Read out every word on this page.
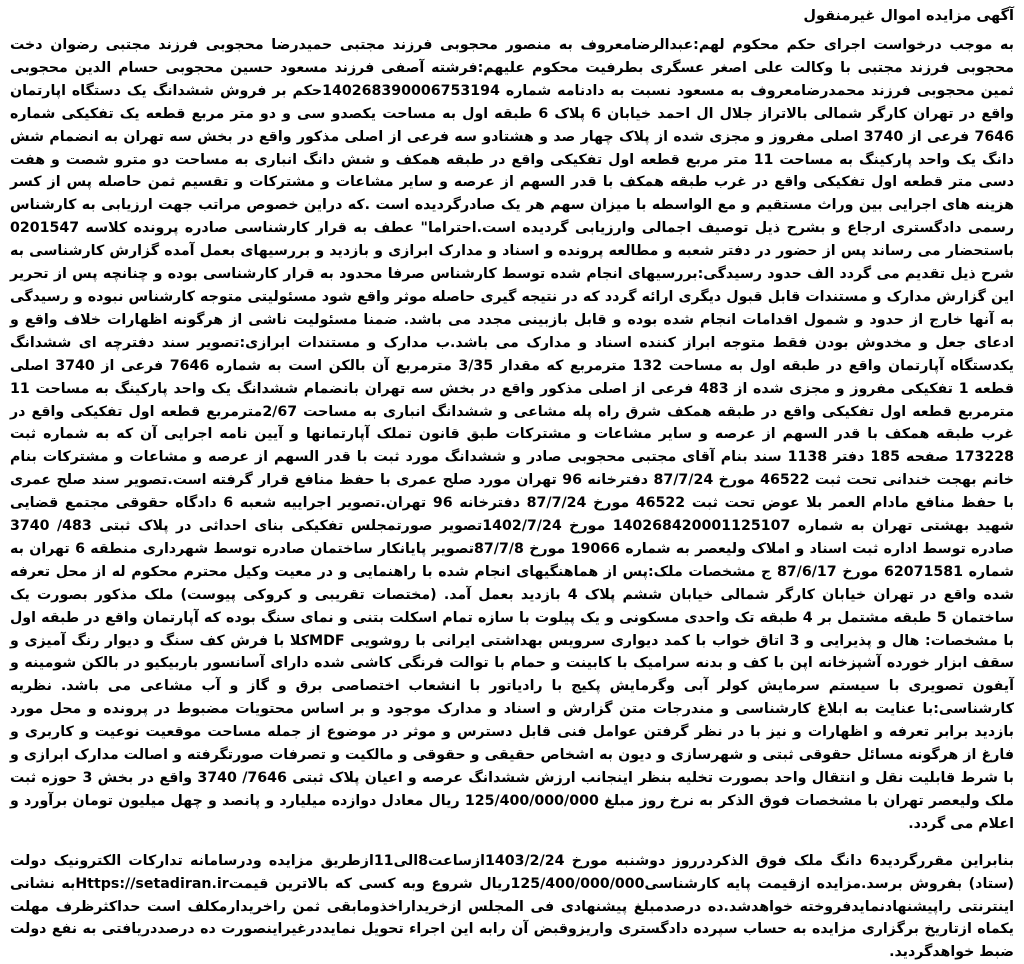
آگهی مزایده اموال غیرمنقول

به موجب درخواست اجرای حکم محکوم لهم:عبدالرضامعروف به منصور محجوبی فرزند مجتبی حمیدرضا محجوبی فرزند مجتبی رضوان دخت محجوبی فرزند مجتبی با وکالت علی اصغر عسگری بطرفیت محکوم علیهم:فرشته آصفی فرزند مسعود حسین محجوبی حسام الدین محجوبی ثمین محجوبی فرزند محمدرضامعروف به مسعود نسبت به دادنامه شماره 140268390006753194حکم بر فروش ششدانگ یک دستگاه اپارتمان واقع در تهران کارگر شمالی بالاتراز جلال ال احمد خیابان 6 پلاک 6 طبقه اول به مساحت یکصدو سی و دو متر مربع قطعه یک تفکیکی شماره 7646 فرعی از 3740 اصلی مفروز و مجزی شده از پلاک چهار صد و هشتادو سه فرعی از اصلی مذکور واقع در بخش سه تهران به انضمام شش دانگ یک واحد پارکینگ به مساحت 11 متر مربع قطعه اول تفکیکی واقع در طبقه همکف و شش دانگ انباری به مساحت دو مترو شصت و هفت دسی متر قطعه اول تفکیکی واقع در غرب طبقه همکف با قدر السهم از عرصه و سایر مشاعات و مشترکات و تقسیم ثمن حاصله پس از کسر هزینه های اجرایی بین وراث مستقیم و مع الواسطه با میزان سهم هر یک صادرگردیده است .که دراین خصوص مراتب جهت ارزیابی به کارشناس رسمی دادگستری ارجاع و بشرح ذیل توصیف اجمالی وارزیابی گردیده است.احتراما" عطف به قرار کارشناسی صادره پرونده کلاسه 0201547 باستحضار می رساند پس از حضور در دفتر شعبه و مطالعه پرونده و اسناد و مدارک ابرازی و بازدید و بررسیهای بعمل آمده گزارش کارشناسی به شرح ذیل تقدیم می گردد الف حدود رسیدگی:بررسیهای انجام شده توسط کارشناس صرفا محدود به قرار کارشناسی بوده و چنانچه پس از تحریر این گزارش مدارک و مستندات قابل قبول دیگری ارائه گردد که در نتیجه گیری حاصله موثر واقع شود مسئولیتی متوجه کارشناس نبوده و رسیدگی به آنها خارج از حدود و شمول اقدامات انجام شده بوده و قابل بازبینی مجدد می باشد. ضمنا مسئولیت ناشی از هرگونه اظهارات خلاف واقع و ادعای جعل و مخدوش بودن فقط متوجه ابراز کننده اسناد و مدارک می باشد.ب مدارک و مستندات ابرازی:تصویر سند دفترچه ای ششدانگ یکدستگاه آپارتمان واقع در طبقه اول به مساحت 132 مترمربع که مقدار 3/35 مترمربع آن بالکن است به شماره 7646 فرعی از 3740 اصلی قطعه 1 تفکیکی مفروز و مجزی شده از 483 فرعی از اصلی مذکور واقع در بخش سه تهران بانضمام ششدانگ یک واحد پارکینگ به مساحت 11 مترمربع قطعه اول تفکیکی واقع در طبقه همکف شرق راه پله مشاعی و ششدانگ انباری به مساحت 2/67مترمربع قطعه اول تفکیکی واقع در غرب طبقه همکف با قدر السهم از عرصه و سایر مشاعات و مشترکات طبق قانون تملک آپارتمانها و آیین نامه اجرایی آن که به شماره ثبت 173228 صفحه 185 دفتر 1138 سند بنام آقای مجتبی محجوبی صادر و ششدانگ مورد ثبت با قدر السهم از عرصه و مشاعات و مشترکات بنام خانم بهجت خندانی تحت ثبت 46522 مورخ 87/7/24 دفترخانه 96 تهران مورد صلح عمری با حفظ منافع قرار گرفته است.تصویر سند صلح عمری با حفظ منافع مادام العمر بلا عوض تحت ثبت 46522 مورخ 87/7/24 دفترخانه 96 تهران.تصویر اجراییه شعبه 6 دادگاه حقوقی مجتمع قضایی شهید بهشتی تهران به شماره 140268420001125107 مورخ 1402/7/24تصویر صورتمجلس تفکیکی بنای احداثی در پلاک ثبتی 483/ 3740 صادره توسط اداره ثبت اسناد و املاک ولیعصر به شماره 19066 مورخ 87/7/8تصویر پایانکار ساختمان صادره توسط شهرداری منطقه 6 تهران به شماره 62071581 مورخ 87/6/17 ج مشخصات ملک:پس از هماهنگیهای انجام شده با راهنمایی و در معیت وکیل محترم محکوم له از محل تعرفه شده واقع در تهران خیابان کارگر شمالی خیابان ششم پلاک 4 بازدید بعمل آمد. (مختصات تقریبی و کروکی پیوست) ملک مذکور بصورت یک ساختمان 5 طبقه مشتمل بر 4 طبقه تک واحدی مسکونی و یک پیلوت با سازه تمام اسکلت بتنی و نمای سنگ بوده که آپارتمان واقع در طبقه اول با مشخصات: هال و پذیرایی و 3 اتاق خواب با کمد دیواری سرویس بهداشتی ایرانی با روشویی MDFکلا با فرش کف سنگ و دیوار رنگ آمیزی و سقف ابزار خورده آشپزخانه اپن با کف و بدنه سرامیک با کابینت و حمام با توالت فرنگی کاشی شده دارای آسانسور باربیکیو در بالکن شومینه و آیفون تصویری با سیستم سرمایش کولر آبی وگرمایش پکیج با رادیاتور با انشعاب اختصاصی برق و گاز و آب مشاعی می باشد. نظریه کارشناسی:با عنایت به ابلاغ کارشناسی و مندرجات متن گزارش و اسناد و مدارک موجود و بر اساس محتویات مضبوط در پرونده و محل مورد بازدید برابر تعرفه و اظهارات و نیز با در نظر گرفتن عوامل فنی قابل دسترس و موثر در موضوع از جمله مساحت موقعیت نوعیت و کاربری و فارغ از هرگونه مسائل حقوقی ثبتی و شهرسازی و دیون به اشخاص حقیقی و حقوقی و مالکیت و تصرفات صورتگرفته و اصالت مدارک ابرازی و با شرط قابلیت نقل و انتقال واحد بصورت تخلیه بنظر اینجانب ارزش ششدانگ عرصه و اعیان پلاک ثبتی 7646/ 3740 واقع در بخش 3 حوزه ثبت ملک ولیعصر تهران با مشخصات فوق الذکر به نرخ روز مبلغ 125/400/000/000 ریال معادل دوازده میلیارد و پانصد و چهل میلیون تومان برآورد و اعلام می گردد.

بنابراین مقررگردید6 دانگ ملک فوق الذکردرروز دوشنبه مورخ 1403/2/24ازساعت8الی11ازطریق مزایده ودرسامانه تدارکات الکترونیک دولت (ستاد) بفروش برسد.مزایده ازقیمت پایه کارشناسی125/400/000/000ریال شروع وبه کسی که بالاترین قیمتHttps://setadiran.irبه نشانی اینترنتی راپیشنهادنمایدفروخته خواهدشد.ده درصدمبلغ پیشنهادی فی المجلس ازخریداراخذومابقی ثمن راخریدارمکلف است حداکثرظرف مهلت یکماه ازتاریخ برگزاری مزایده به حساب سپرده دادگستری واریزوقبض آن رابه این اجراء تحویل نمایددرغیراینصورت ده درصددریافتی به نفع دولت ضبط خواهدگردید.
